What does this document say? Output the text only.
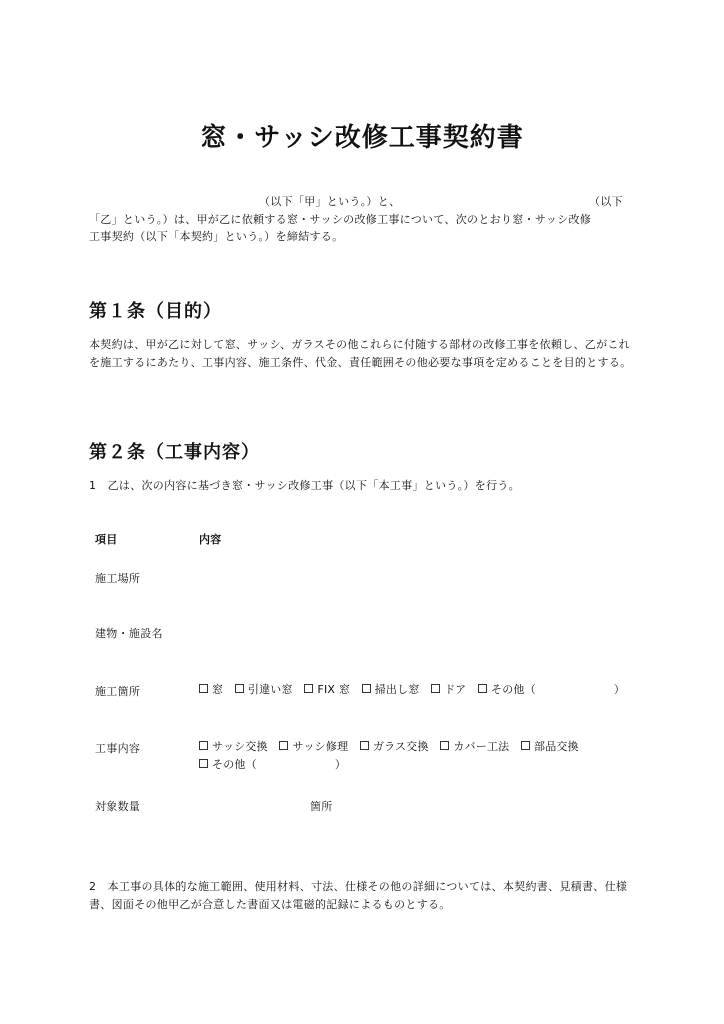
窓・サッシ改修工事契約書
（以下「甲」という。）と、	（以下
「乙」という。）は、甲が乙に依頼する窓・サッシの改修工事について、次のとおり窓・サッシ改修
工事契約（以下「本契約」という。）を締結する。
第１条（目的）
本契約は、甲が乙に対して窓、サッシ、ガラスその他これらに付随する部材の改修工事を依頼し、乙がこれを施工するにあたり、工事内容、施工条件、代金、責任範囲その他必要な事項を定めることを目的とする。
第２条（工事内容）
1　乙は、次の内容に基づき窓・サッシ改修工事（以下「本工事」という。）を行う。
項目	内容
施工場所
建物・施設名
施工箇所	窓 引違い窓 FIX 窓 掃出し窓 ドア その他（	）
工事内容	サッシ交換 サッシ修理 ガラス交換 カバー工法 部品交換 その他（	）
対象数量	箇所
2　本工事の具体的な施工範囲、使用材料、寸法、仕様その他の詳細については、本契約書、見積書、仕様書、図面その他甲乙が合意した書面又は電磁的記録によるものとする。
